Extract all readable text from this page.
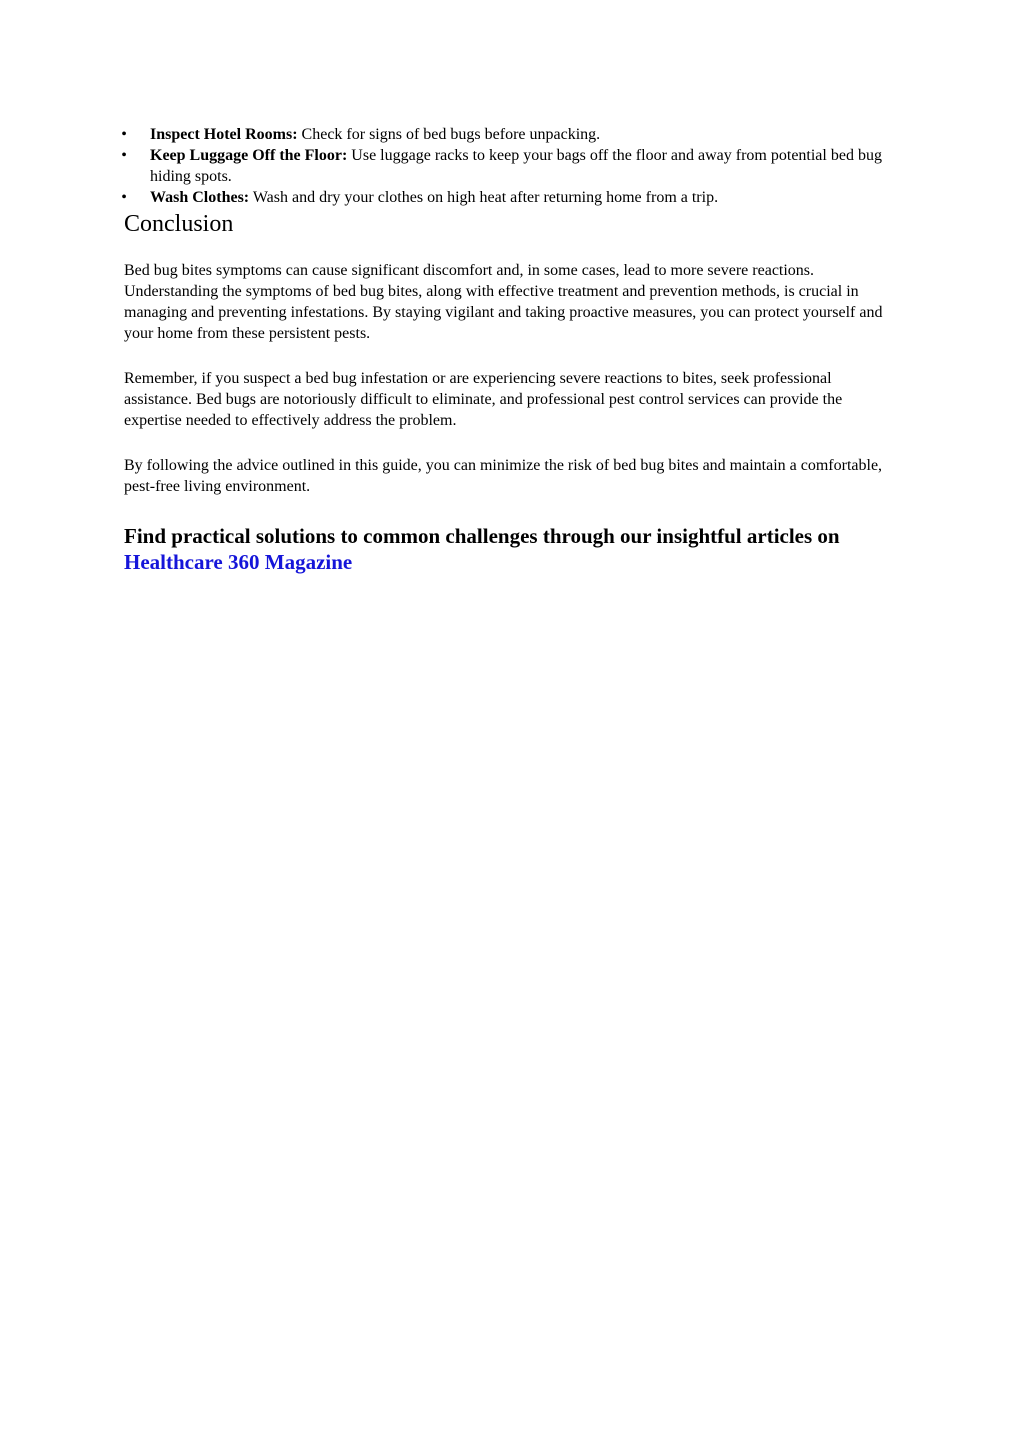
• Inspect Hotel Rooms: Check for signs of bed bugs before unpacking.
• Keep Luggage Off the Floor: Use luggage racks to keep your bags off the floor and away from potential bed bug hiding spots.
• Wash Clothes: Wash and dry your clothes on high heat after returning home from a trip.
Conclusion

Bed bug bites symptoms can cause significant discomfort and, in some cases, lead to more severe reactions. Understanding the symptoms of bed bug bites, along with effective treatment and prevention methods, is crucial in managing and preventing infestations. By staying vigilant and taking proactive measures, you can protect yourself and your home from these persistent pests.

Remember, if you suspect a bed bug infestation or are experiencing severe reactions to bites, seek professional assistance. Bed bugs are notoriously difficult to eliminate, and professional pest control services can provide the expertise needed to effectively address the problem.

By following the advice outlined in this guide, you can minimize the risk of bed bug bites and maintain a comfortable, pest-free living environment.

Find practical solutions to common challenges through our insightful articles on Healthcare 360 Magazine
